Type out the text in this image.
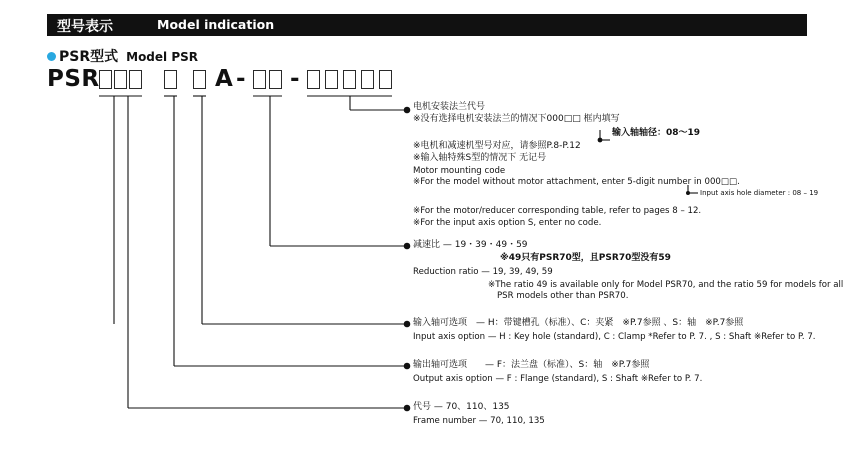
型号表示	Model indication
PSR型式 Model PSR
PSR	A - -
电机安装法兰代号
※没有选择电机安装法兰的情况下000□□ 框内填写
输入轴轴径：08～19
※电机和减速机型号对应，请参照P.8-P.12
※输入轴特殊S型的情况下 无记号
Motor mounting code
※For the model without motor attachment, enter 5-digit number in 000□□.
Input axis hole diameter : 08 – 19
※For the motor/reducer corresponding table, refer to pages 8 – 12.
※For the input axis option S, enter no code.
减速比 — 19・39・49・59
※49只有PSR70型，且PSR70型没有59
Reduction ratio — 19, 39, 49, 59
※The ratio 49 is available only for Model PSR70, and the ratio 59 for models for all
PSR models other than PSR70.
输入轴可选项　— H：带键槽孔（标准）、C：夹紧　※P.7参照 、S：轴　※P.7参照
Input axis option — H : Key hole (standard), C : Clamp *Refer to P. 7. , S : Shaft ※Refer to P. 7.
输出轴可选项　　— F：法兰盘（标准）、S：轴　※P.7参照
Output axis option — F : Flange (standard), S : Shaft ※Refer to P. 7.
代号 — 70、110、135
Frame number — 70, 110, 135
